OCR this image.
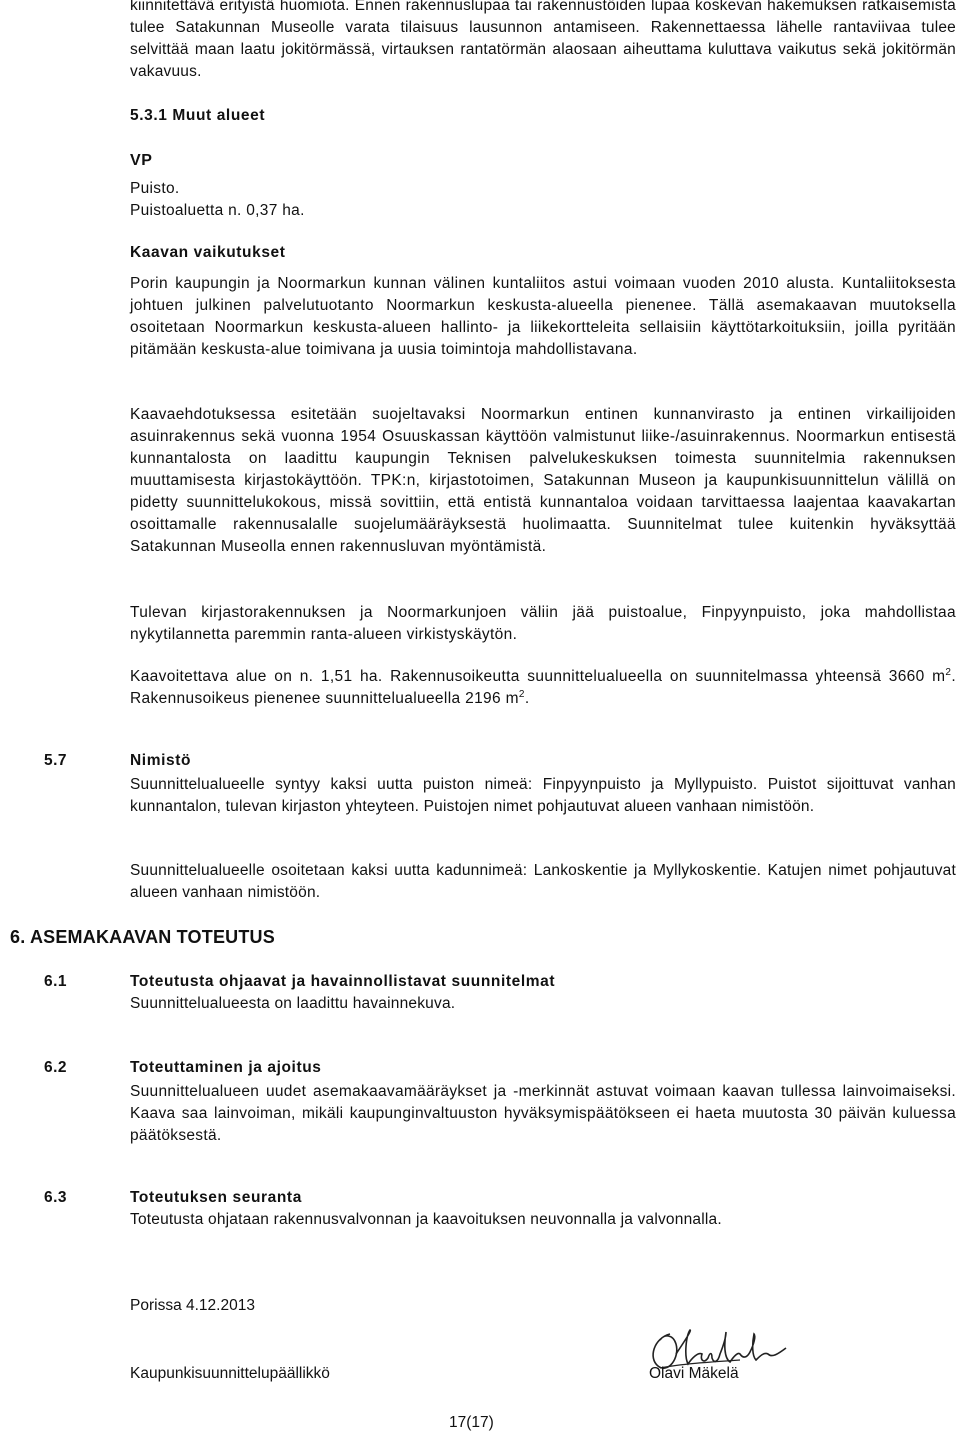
kiinnitettävä erityistä huomiota. Ennen rakennuslupaa tai rakennustöiden lupaa koskevan hakemuksen ratkaisemista tulee Satakunnan Museolle varata tilaisuus lausunnon antamiseen. Rakennettaessa lähelle rantaviivaa tulee selvittää maan laatu jokitörmässä, virtauksen rantatörmän alaosaan aiheuttama kuluttava vaikutus sekä jokitörmän vakavuus.

5.3.1 Muut alueet
VP
Puisto.
Puistoaluetta n. 0,37 ha.
Kaavan vaikutukset

Porin kaupungin ja Noormarkun kunnan välinen kuntaliitos astui voimaan vuoden 2010 alusta. Kuntaliitoksesta johtuen julkinen palvelutuotanto Noormarkun keskusta-alueella pienenee. Tällä asemakaavan muutoksella osoitetaan Noormarkun keskusta-alueen hallinto- ja liikekortteleita sellaisiin käyttötarkoituksiin, joilla pyritään pitämään keskusta-alue toimivana ja uusia toimintoja mahdollistavana.

Kaavaehdotuksessa esitetään suojeltavaksi Noormarkun entinen kunnanvirasto ja entinen virkailijoiden asuinrakennus sekä vuonna 1954 Osuuskassan käyttöön valmistunut liike-/asuinrakennus. Noormarkun entisestä kunnantalosta on laadittu kaupungin Teknisen palvelukeskuksen toimesta suunnitelmia rakennuksen muuttamisesta kirjastokäyttöön. TPK:n, kirjastotoimen, Satakunnan Museon ja kaupunkisuunnittelun välillä on pidetty suunnittelukokous, missä sovittiin, että entistä kunnantaloa voidaan tarvittaessa laajentaa kaavakartan osoittamalle rakennusalalle suojelumääräyksestä huolimaatta. Suunnitelmat tulee kuitenkin hyväksyttää Satakunnan Museolla ennen rakennusluvan myöntämistä.

Tulevan kirjastorakennuksen ja Noormarkunjoen väliin jää puistoalue, Finpyynpuisto, joka mahdollistaa nykytilannetta paremmin ranta-alueen virkistyskäytön.

Kaavoitettava alue on n. 1,51 ha. Rakennusoikeutta suunnittelualueella on suunnitelmassa yhteensä 3660 $m^2$. Rakennusoikeus pienenee suunnittelualueella 2196 $m^2$.

5.7	Nimistö

Suunnittelualueelle syntyy kaksi uutta puiston nimeä: Finpyynpuisto ja Myllypuisto. Puistot sijoittuvat vanhan kunnantalon, tulevan kirjaston yhteyteen. Puistojen nimet pohjautuvat alueen vanhaan nimistöön.

Suunnittelualueelle osoitetaan kaksi uutta kadunnimeä: Lankoskentie ja Myllykoskentie. Katujen nimet pohjautuvat alueen vanhaan nimistöön.

6. ASEMAKAAVAN TOTEUTUS
6.1	Toteutusta ohjaavat ja havainnollistavat suunnitelmat
Suunnittelualueesta on laadittu havainnekuva.
6.2	Toteuttaminen ja ajoitus

Suunnittelualueen uudet asemakaavamääräykset ja -merkinnät astuvat voimaan kaavan tullessa lainvoimaiseksi. Kaava saa lainvoiman, mikäli kaupunginvaltuuston hyväksymispäätökseen ei haeta muutosta 30 päivän kuluessa päätöksestä.

6.3	Toteutuksen seuranta
Toteutusta ohjataan rakennusvalvonnan ja kaavoituksen neuvonnalla ja valvonnalla.
Porissa 4.12.2013
Kaupunkisuunnittelupäällikkö	Olavi Mäkelä
17(17)
